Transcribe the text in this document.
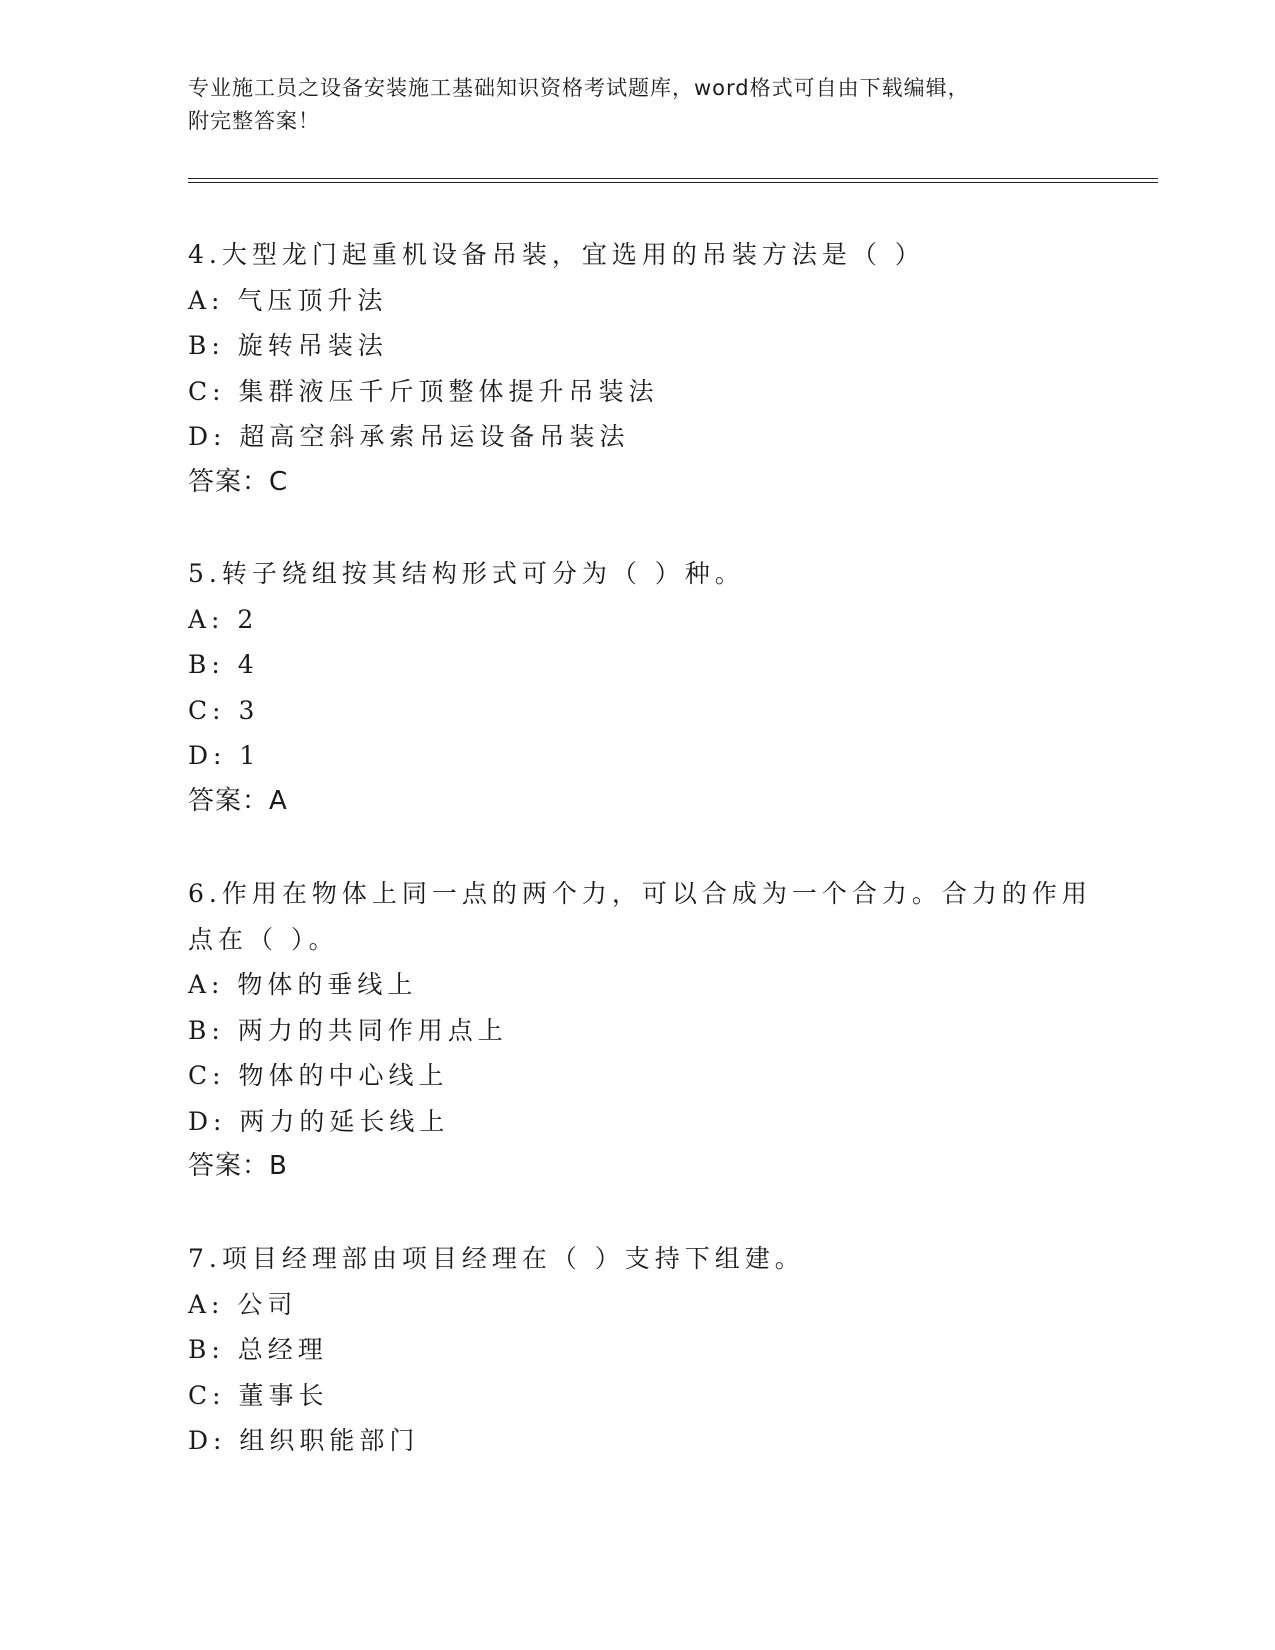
专业施工员之设备安装施工基础知识资格考试题库，word格式可自由下载编辑，
附完整答案！
4.大型龙门起重机设备吊装，宜选用的吊装方法是（ ）
A: 气压顶升法
B: 旋转吊装法
C: 集群液压千斤顶整体提升吊装法
D: 超高空斜承索吊运设备吊装法
答案：C
5.转子绕组按其结构形式可分为（ ）种。
A: 2
B: 4
C: 3
D: 1
答案：A
6.作用在物体上同一点的两个力，可以合成为一个合力。合力的作用
点在（ ）。
A: 物体的垂线上
B: 两力的共同作用点上
C: 物体的中心线上
D: 两力的延长线上
答案：B
7.项目经理部由项目经理在（ ）支持下组建。
A: 公司
B: 总经理
C: 董事长
D: 组织职能部门
